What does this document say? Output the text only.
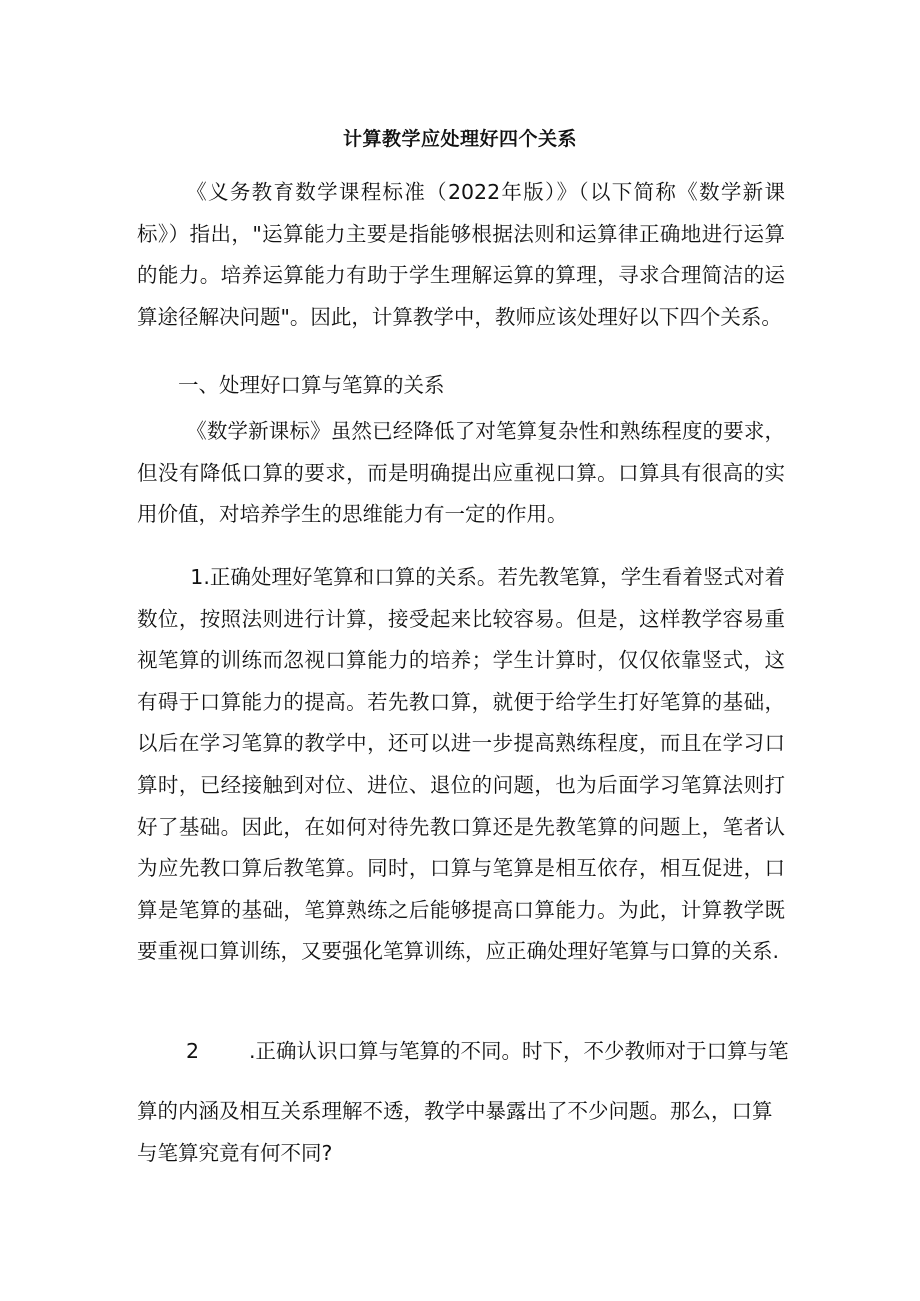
计算教学应处理好四个关系

《义务教育数学课程标准（2022年版）》（以下简称《数学新课标》）指出，"运算能力主要是指能够根据法则和运算律正确地进行运算的能力。培养运算能力有助于学生理解运算的算理，寻求合理简洁的运算途径解决问题"。因此，计算教学中，教师应该处理好以下四个关系。

一、处理好口算与笔算的关系

《数学新课标》虽然已经降低了对笔算复杂性和熟练程度的要求，但没有降低口算的要求，而是明确提出应重视口算。口算具有很高的实用价值，对培养学生的思维能力有一定的作用。

1.正确处理好笔算和口算的关系。若先教笔算，学生看着竖式对着数位，按照法则进行计算，接受起来比较容易。但是，这样教学容易重视笔算的训练而忽视口算能力的培养；学生计算时，仅仅依靠竖式，这有碍于口算能力的提高。若先教口算，就便于给学生打好笔算的基础，以后在学习笔算的教学中，还可以进一步提高熟练程度，而且在学习口算时，已经接触到对位、进位、退位的问题，也为后面学习笔算法则打好了基础。因此，在如何对待先教口算还是先教笔算的问题上，笔者认为应先教口算后教笔算。同时，口算与笔算是相互依存，相互促进，口算是笔算的基础，笔算熟练之后能够提高口算能力。为此，计算教学既要重视口算训练，又要强化笔算训练，应正确处理好笔算与口算的关系.

2 .正确认识口算与笔算的不同。时下，不少教师对于口算与笔

算的内涵及相互关系理解不透，教学中暴露出了不少问题。那么，口算与笔算究竟有何不同?
